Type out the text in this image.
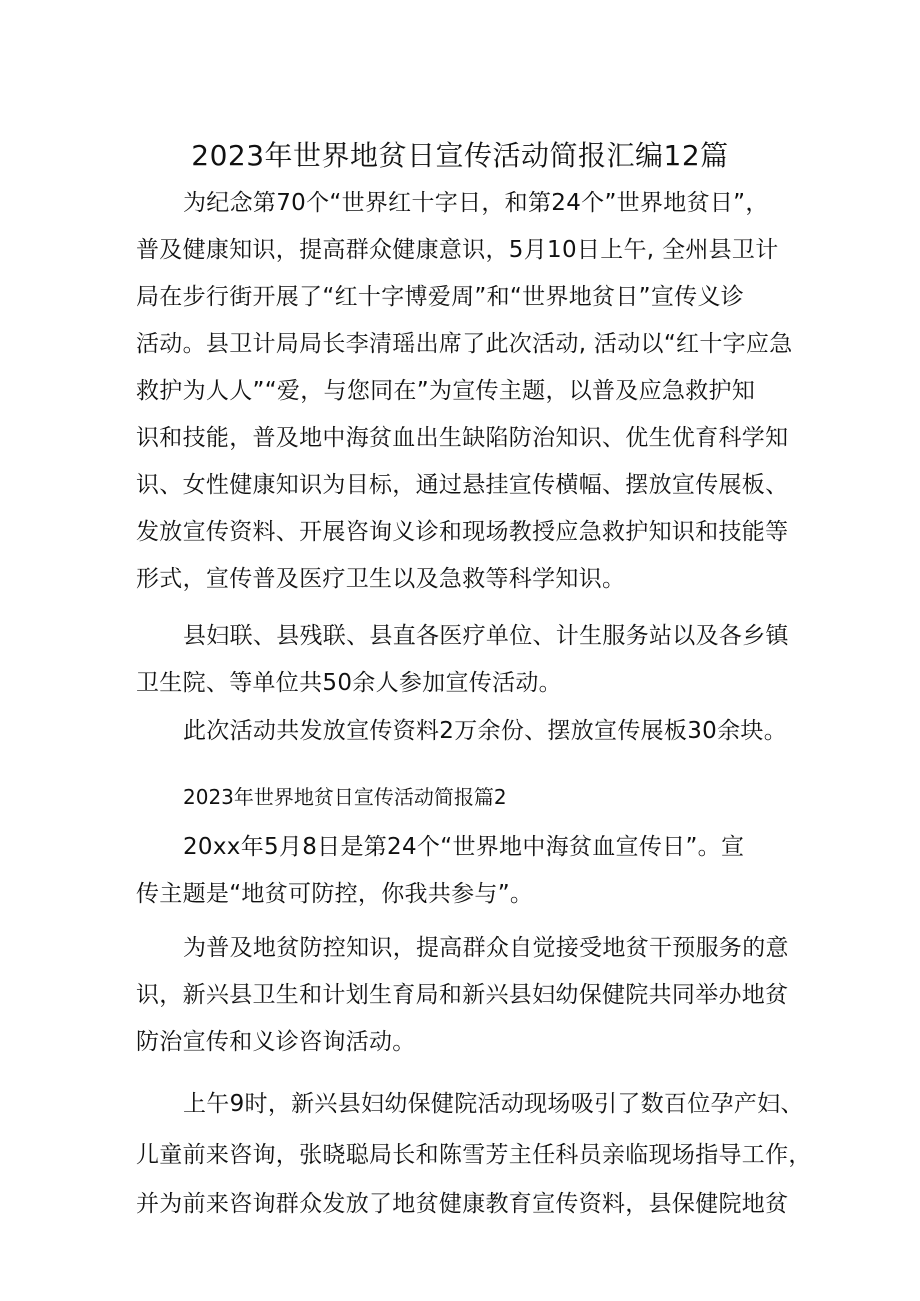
2023年世界地贫日宣传活动简报汇编12篇
为纪念第70个“世界红十字日，和第24个”世界地贫日”，
普及健康知识，提高群众健康意识，5月10日上午, 全州县卫计
局在步行街开展了“红十字博爱周”和“世界地贫日”宣传义诊
活动。县卫计局局长李清瑶出席了此次活动, 活动以“红十字应急
救护为人人”“爱，与您同在”为宣传主题，以普及应急救护知
识和技能，普及地中海贫血出生缺陷防治知识、优生优育科学知
识、女性健康知识为目标，通过悬挂宣传横幅、摆放宣传展板、
发放宣传资料、开展咨询义诊和现场教授应急救护知识和技能等
形式，宣传普及医疗卫生以及急救等科学知识。
县妇联、县残联、县直各医疗单位、计生服务站以及各乡镇
卫生院、等单位共50余人参加宣传活动。
此次活动共发放宣传资料2万余份、摆放宣传展板30余块。
2023年世界地贫日宣传活动简报篇2
20xx年5月8日是第24个“世界地中海贫血宣传日”。宣
传主题是“地贫可防控，你我共参与”。
为普及地贫防控知识，提高群众自觉接受地贫干预服务的意
识，新兴县卫生和计划生育局和新兴县妇幼保健院共同举办地贫
防治宣传和义诊咨询活动。
上午9时，新兴县妇幼保健院活动现场吸引了数百位孕产妇、
儿童前来咨询，张晓聪局长和陈雪芳主任科员亲临现场指导工作，
并为前来咨询群众发放了地贫健康教育宣传资料，县保健院地贫
